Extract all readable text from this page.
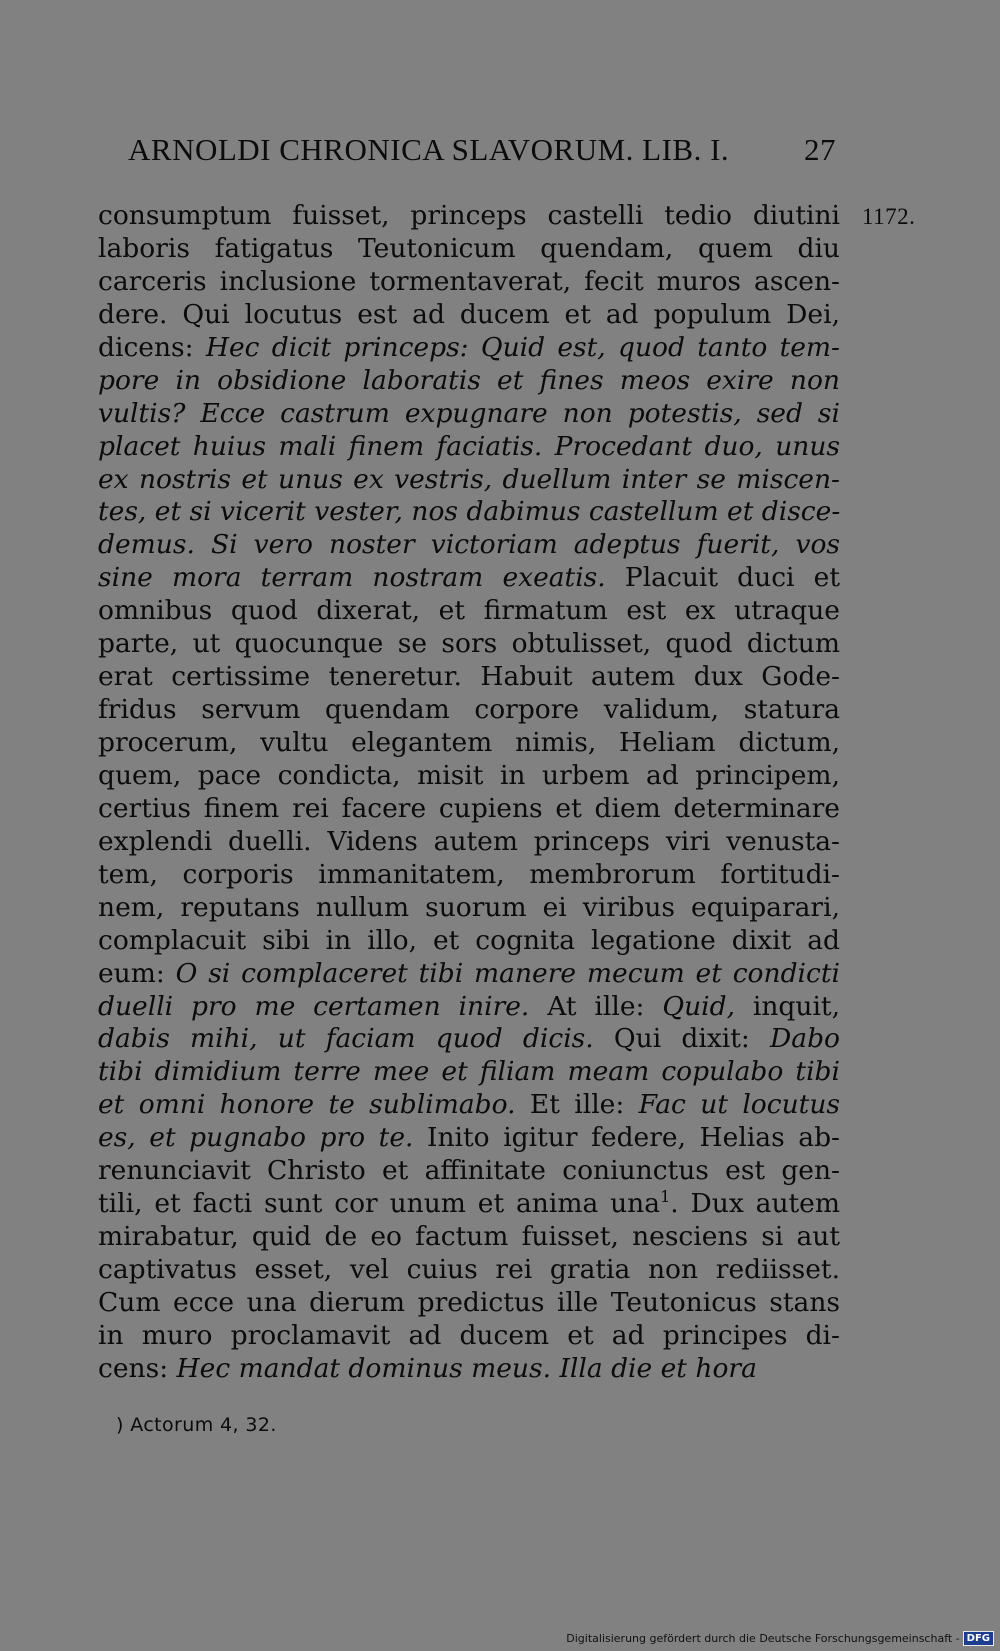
ARNOLDI CHRONICA SLAVORUM. LIB. I. 27
1172.
consumptum fuisset, princeps castelli tedio diutini
laboris fatigatus Teutonicum quendam, quem diu
carceris inclusione tormentaverat, fecit muros ascen-
dere. Qui locutus est ad ducem et ad populum Dei,
dicens: Hec dicit princeps: Quid est, quod tanto tem-
pore in obsidione laboratis et fines meos exire non
vultis? Ecce castrum expugnare non potestis, sed si
placet huius mali finem faciatis. Procedant duo, unus
ex nostris et unus ex vestris, duellum inter se miscen-
tes, et si vicerit vester, nos dabimus castellum et disce-
demus. Si vero noster victoriam adeptus fuerit, vos
sine mora terram nostram exeatis. Placuit duci et
omnibus quod dixerat, et firmatum est ex utraque
parte, ut quocunque se sors obtulisset, quod dictum
erat certissime teneretur. Habuit autem dux Gode-
fridus servum quendam corpore validum, statura
procerum, vultu elegantem nimis, Heliam dictum,
quem, pace condicta, misit in urbem ad principem,
certius finem rei facere cupiens et diem determinare
explendi duelli. Videns autem princeps viri venusta-
tem, corporis immanitatem, membrorum fortitudi-
nem, reputans nullum suorum ei viribus equiparari,
complacuit sibi in illo, et cognita legatione dixit ad
eum: O si complaceret tibi manere mecum et condicti
duelli pro me certamen inire. At ille: Quid, inquit,
dabis mihi, ut faciam quod dicis. Qui dixit: Dabo
tibi dimidium terre mee et filiam meam copulabo tibi
et omni honore te sublimabo. Et ille: Fac ut locutus
es, et pugnabo pro te. Inito igitur federe, Helias ab-
renunciavit Christo et affinitate coniunctus est gen-
tili, et facti sunt cor unum et anima una$^1$. Dux autem
mirabatur, quid de eo factum fuisset, nesciens si aut
captivatus esset, vel cuius rei gratia non rediisset.
Cum ecce una dierum predictus ille Teutonicus stans
in muro proclamavit ad ducem et ad principes di-
cens: Hec mandat dominus meus. Illa die et hora
) Actorum 4, 32.
Digitalisierung gefördert durch die Deutsche Forschungsgemeinschaft - DFG
